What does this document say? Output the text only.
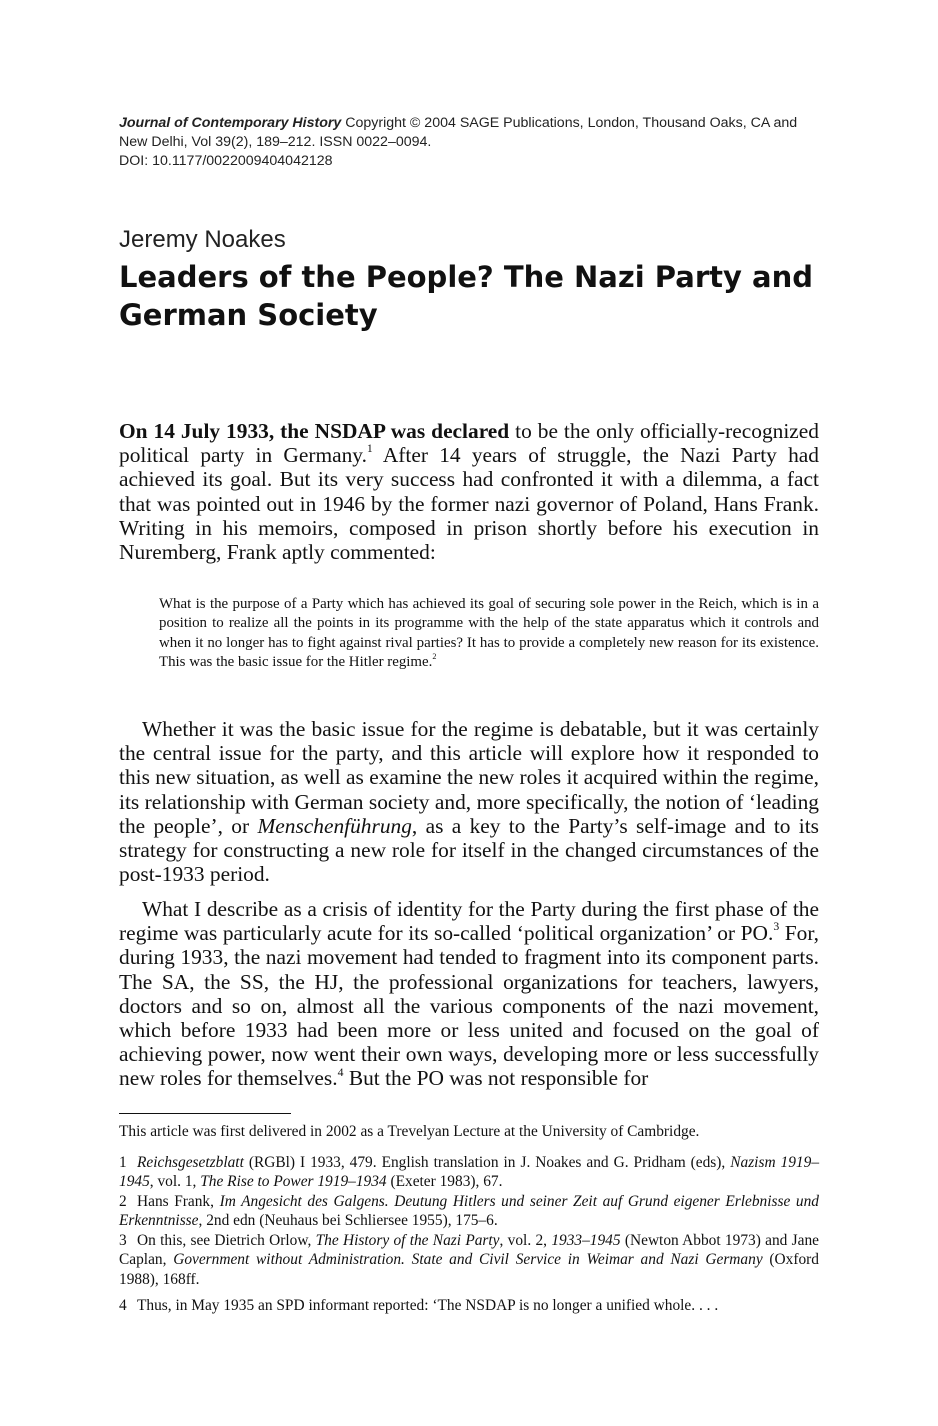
Journal of Contemporary History Copyright © 2004 SAGE Publications, London, Thousand Oaks, CA and

New Delhi, Vol 39(2), 189–212. ISSN 0022–0094.

DOI: 10.1177/0022009404042128

Jeremy Noakes
Leaders of the People? The Nazi Party and
German Society

On 14 July 1933, the NSDAP was declared to be the only officially-recognized political party in Germany.$^1$ After 14 years of struggle, the Nazi Party had achieved its goal. But its very success had confronted it with a dilemma, a fact that was pointed out in 1946 by the former nazi governor of Poland, Hans Frank. Writing in his memoirs, composed in prison shortly before his execution in Nuremberg, Frank aptly commented:

What is the purpose of a Party which has achieved its goal of securing sole power in the Reich, which is in a position to realize all the points in its programme with the help of the state apparatus which it controls and when it no longer has to fight against rival parties? It has to provide a completely new reason for its existence. This was the basic issue for the Hitler regime.$^2$

Whether it was the basic issue for the regime is debatable, but it was certainly the central issue for the party, and this article will explore how it responded to this new situation, as well as examine the new roles it acquired within the regime, its relationship with German society and, more specifically, the notion of ‘leading the people’, or Menschenführung, as a key to the Party’s self-image and to its strategy for constructing a new role for itself in the changed circumstances of the post-1933 period.

What I describe as a crisis of identity for the Party during the first phase of the regime was particularly acute for its so-called ‘political organization’ or PO.$^3$ For, during 1933, the nazi movement had tended to fragment into its component parts. The SA, the SS, the HJ, the professional organizations for teachers, lawyers, doctors and so on, almost all the various components of the nazi movement, which before 1933 had been more or less united and focused on the goal of achieving power, now went their own ways, developing more or less successfully new roles for themselves.$^4$ But the PO was not responsible for

This article was first delivered in 2002 as a Trevelyan Lecture at the University of Cambridge.

1 Reichsgesetzblatt (RGBl) I 1933, 479. English translation in J. Noakes and G. Pridham (eds), Nazism 1919–1945, vol. 1, The Rise to Power 1919–1934 (Exeter 1983), 67.

2 Hans Frank, Im Angesicht des Galgens. Deutung Hitlers und seiner Zeit auf Grund eigener Erlebnisse und Erkenntnisse, 2nd edn (Neuhaus bei Schliersee 1955), 175–6.

3 On this, see Dietrich Orlow, The History of the Nazi Party, vol. 2, 1933–1945 (Newton Abbot 1973) and Jane Caplan, Government without Administration. State and Civil Service in Weimar and Nazi Germany (Oxford 1988), 168ff.

4 Thus, in May 1935 an SPD informant reported: ‘The NSDAP is no longer a unified whole. . . .
